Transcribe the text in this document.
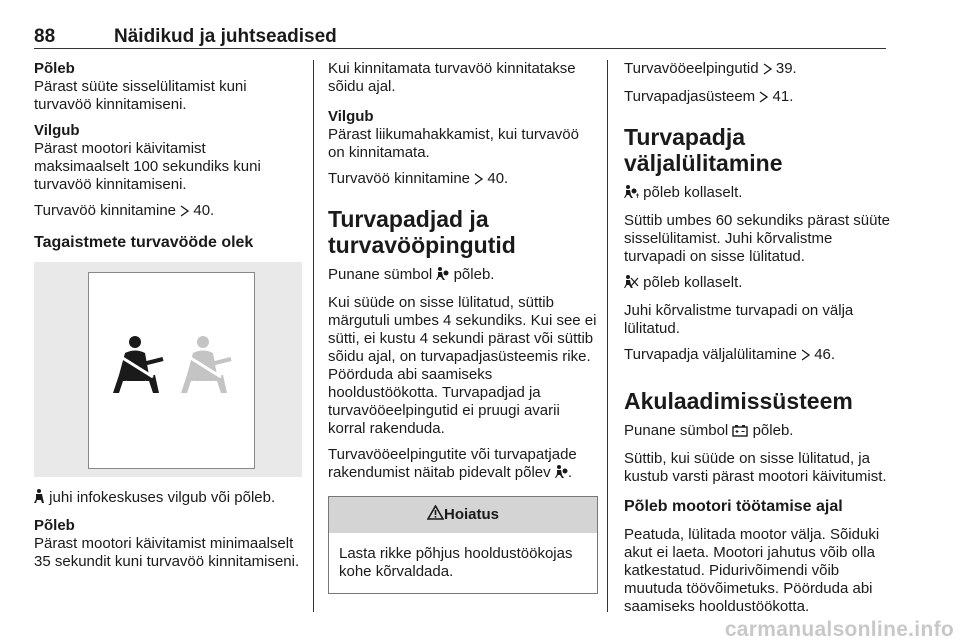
88	Näidikud ja juhtseadised

Põleb
Pärast süüte sisselülitamist kuni turvavöö kinnitamiseni.

Vilgub
Pärast mootori käivitamist maksimaalselt 100 sekundiks kuni turvavöö kinnitamiseni.

Turvavöö kinnitamine 40.

Tagaistmete turvavööde olek

juhi infokeskuses vilgub või põleb.

Põleb
Pärast mootori käivitamist minimaalselt 35 sekundit kuni turvavöö kinnitamiseni.

Kui kinnitamata turvavöö kinnitatakse sõidu ajal.

Vilgub
Pärast liikumahakkamist, kui turvavöö on kinnitamata.

Turvavöö kinnitamine 40.

Turvapadjad ja
turvavööpingutid

Punane sümbol põleb.

Kui süüde on sisse lülitatud, süttib märgutuli umbes 4 sekundiks. Kui see ei sütti, ei kustu 4 sekundi pärast või süttib sõidu ajal, on turvapadjasüsteemis rike. Pöörduda abi saamiseks hooldustöökotta. Turvapadjad ja turvavööeelpingutid ei pruugi avarii korral rakenduda.

Turvavööeelpingutite või turvapatjade rakendumist näitab pidevalt põlev .

Hoiatus
Lasta rikke põhjus hooldustöökojas kohe kõrvaldada.

Turvavööeelpingutid 39.

Turvapadjasüsteem 41.

Turvapadja väljalülitamine

põleb kollaselt.

Süttib umbes 60 sekundiks pärast süüte sisselülitamist. Juhi kõrvalistme turvapadi on sisse lülitatud.

põleb kollaselt.

Juhi kõrvalistme turvapadi on välja lülitatud.

Turvapadja väljalülitamine 46.

Akulaadimissüsteem

Punane sümbol põleb.

Süttib, kui süüde on sisse lülitatud, ja kustub varsti pärast mootori käivitumist.

Põleb mootori töötamise ajal

Peatuda, lülitada mootor välja. Sõiduki akut ei laeta. Mootori jahutus võib olla katkestatud. Pidurivõimendi võib muutuda töövõimetuks. Pöörduda abi saamiseks hooldustöökotta.

carmanualsonline.info
